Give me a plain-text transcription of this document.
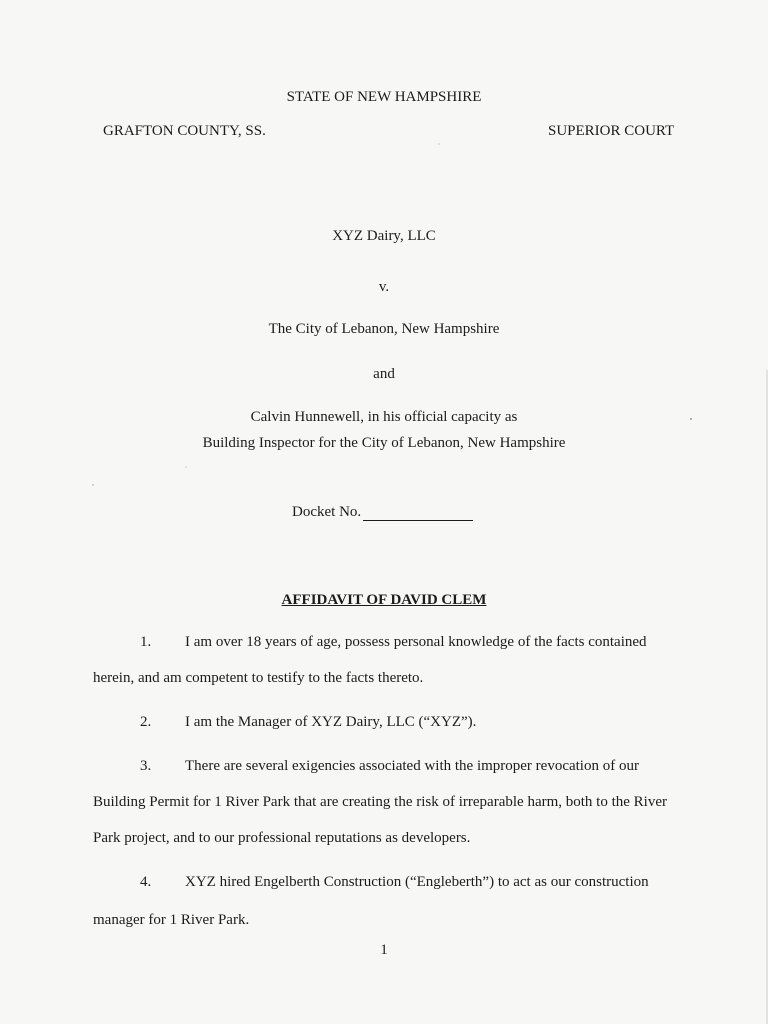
STATE OF NEW HAMPSHIRE
GRAFTON COUNTY, SS.	SUPERIOR COURT
XYZ Dairy, LLC
v.
The City of Lebanon, New Hampshire
and
Calvin Hunnewell, in his official capacity as
Building Inspector for the City of Lebanon, New Hampshire
Docket No.
AFFIDAVIT OF DAVID CLEM
1. I am over 18 years of age, possess personal knowledge of the facts contained
herein, and am competent to testify to the facts thereto.
2. I am the Manager of XYZ Dairy, LLC (“XYZ”).
3. There are several exigencies associated with the improper revocation of our
Building Permit for 1 River Park that are creating the risk of irreparable harm, both to the River
Park project, and to our professional reputations as developers.
4. XYZ hired Engelberth Construction (“Engleberth”) to act as our construction
manager for 1 River Park.
1
